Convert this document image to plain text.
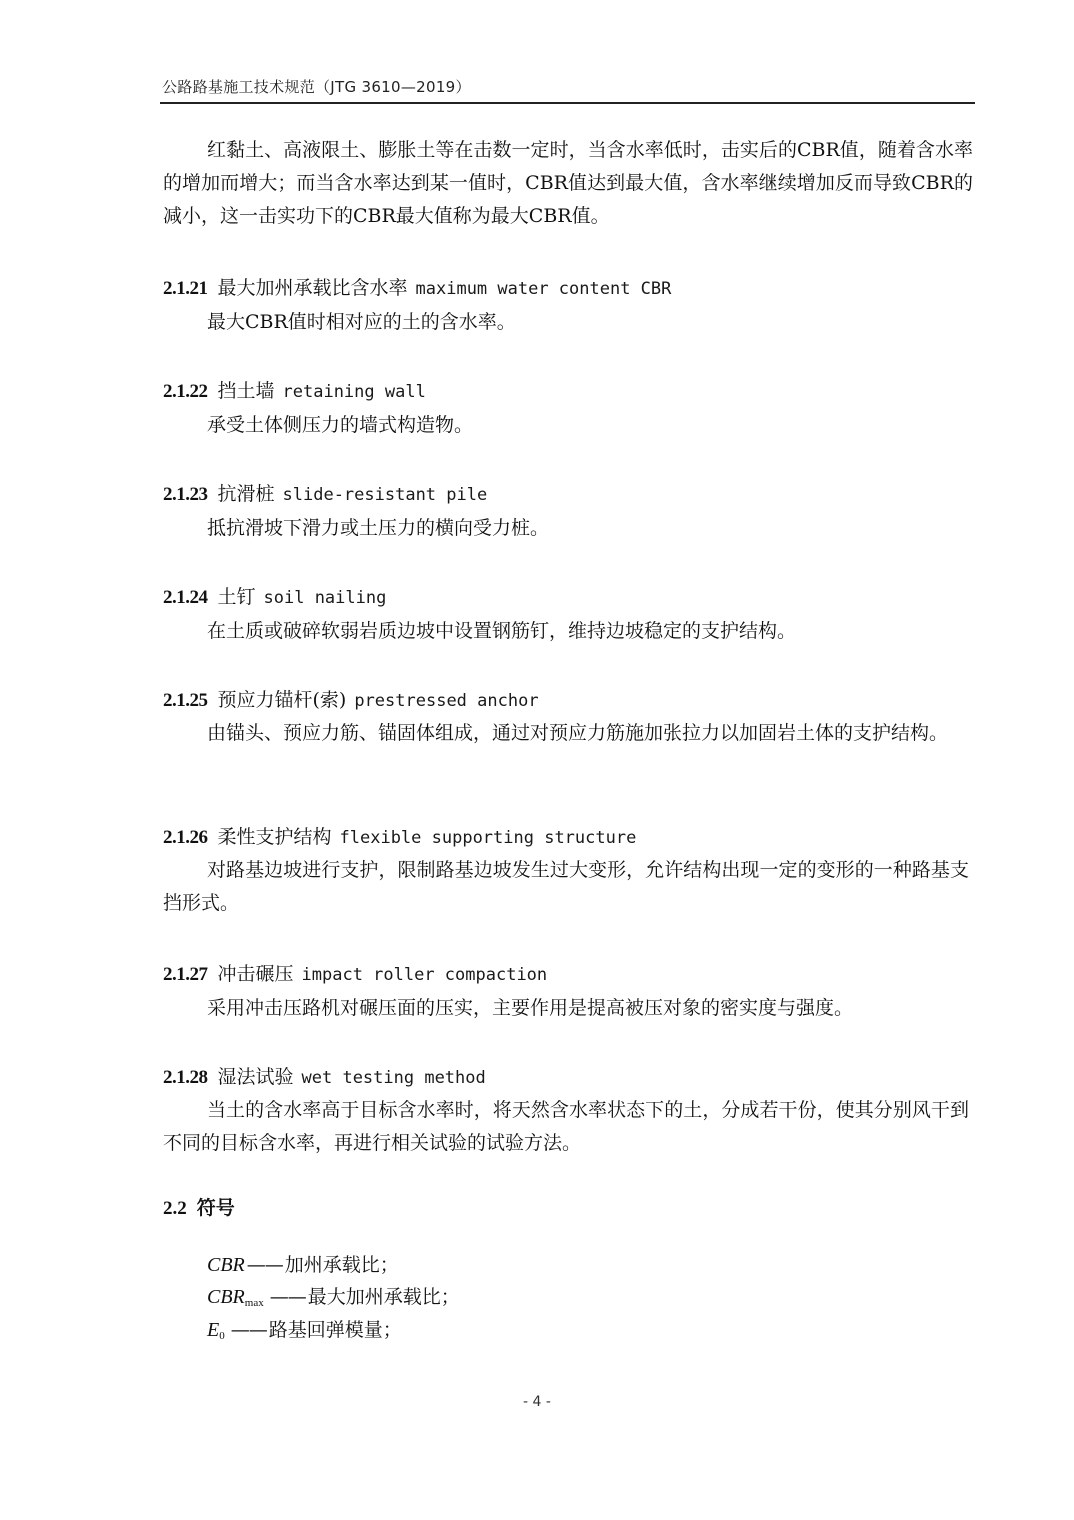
公路路基施工技术规范（JTG 3610—2019）

红黏土、高液限土、膨胀土等在击数一定时，当含水率低时，击实后的CBR值，随着含水率的增加而增大；而当含水率达到某一值时，CBR值达到最大值，含水率继续增加反而导致CBR的减小，这一击实功下的CBR最大值称为最大CBR值。

2.1.21 最大加州承载比含水率 maximum water content CBR

最大CBR值时相对应的土的含水率。

2.1.22 挡土墙 retaining wall

承受土体侧压力的墙式构造物。

2.1.23 抗滑桩 slide-resistant pile

抵抗滑坡下滑力或土压力的横向受力桩。

2.1.24 土钉 soil nailing

在土质或破碎软弱岩质边坡中设置钢筋钉，维持边坡稳定的支护结构。

2.1.25 预应力锚杆(索) prestressed anchor

由锚头、预应力筋、锚固体组成，通过对预应力筋施加张拉力以加固岩土体的支护结构。

2.1.26 柔性支护结构 flexible supporting structure

对路基边坡进行支护，限制路基边坡发生过大变形，允许结构出现一定的变形的一种路基支挡形式。

2.1.27 冲击碾压 impact roller compaction

采用冲击压路机对碾压面的压实，主要作用是提高被压对象的密实度与强度。

2.1.28 湿法试验 wet testing method

当土的含水率高于目标含水率时，将天然含水率状态下的土，分成若干份，使其分别风干到不同的目标含水率，再进行相关试验的试验方法。

2.2 符号
CBR —— 加州承载比；
$CBR_{max}$ —— 最大加州承载比；
$E_0$ —— 路基回弹模量；
- 4 -
